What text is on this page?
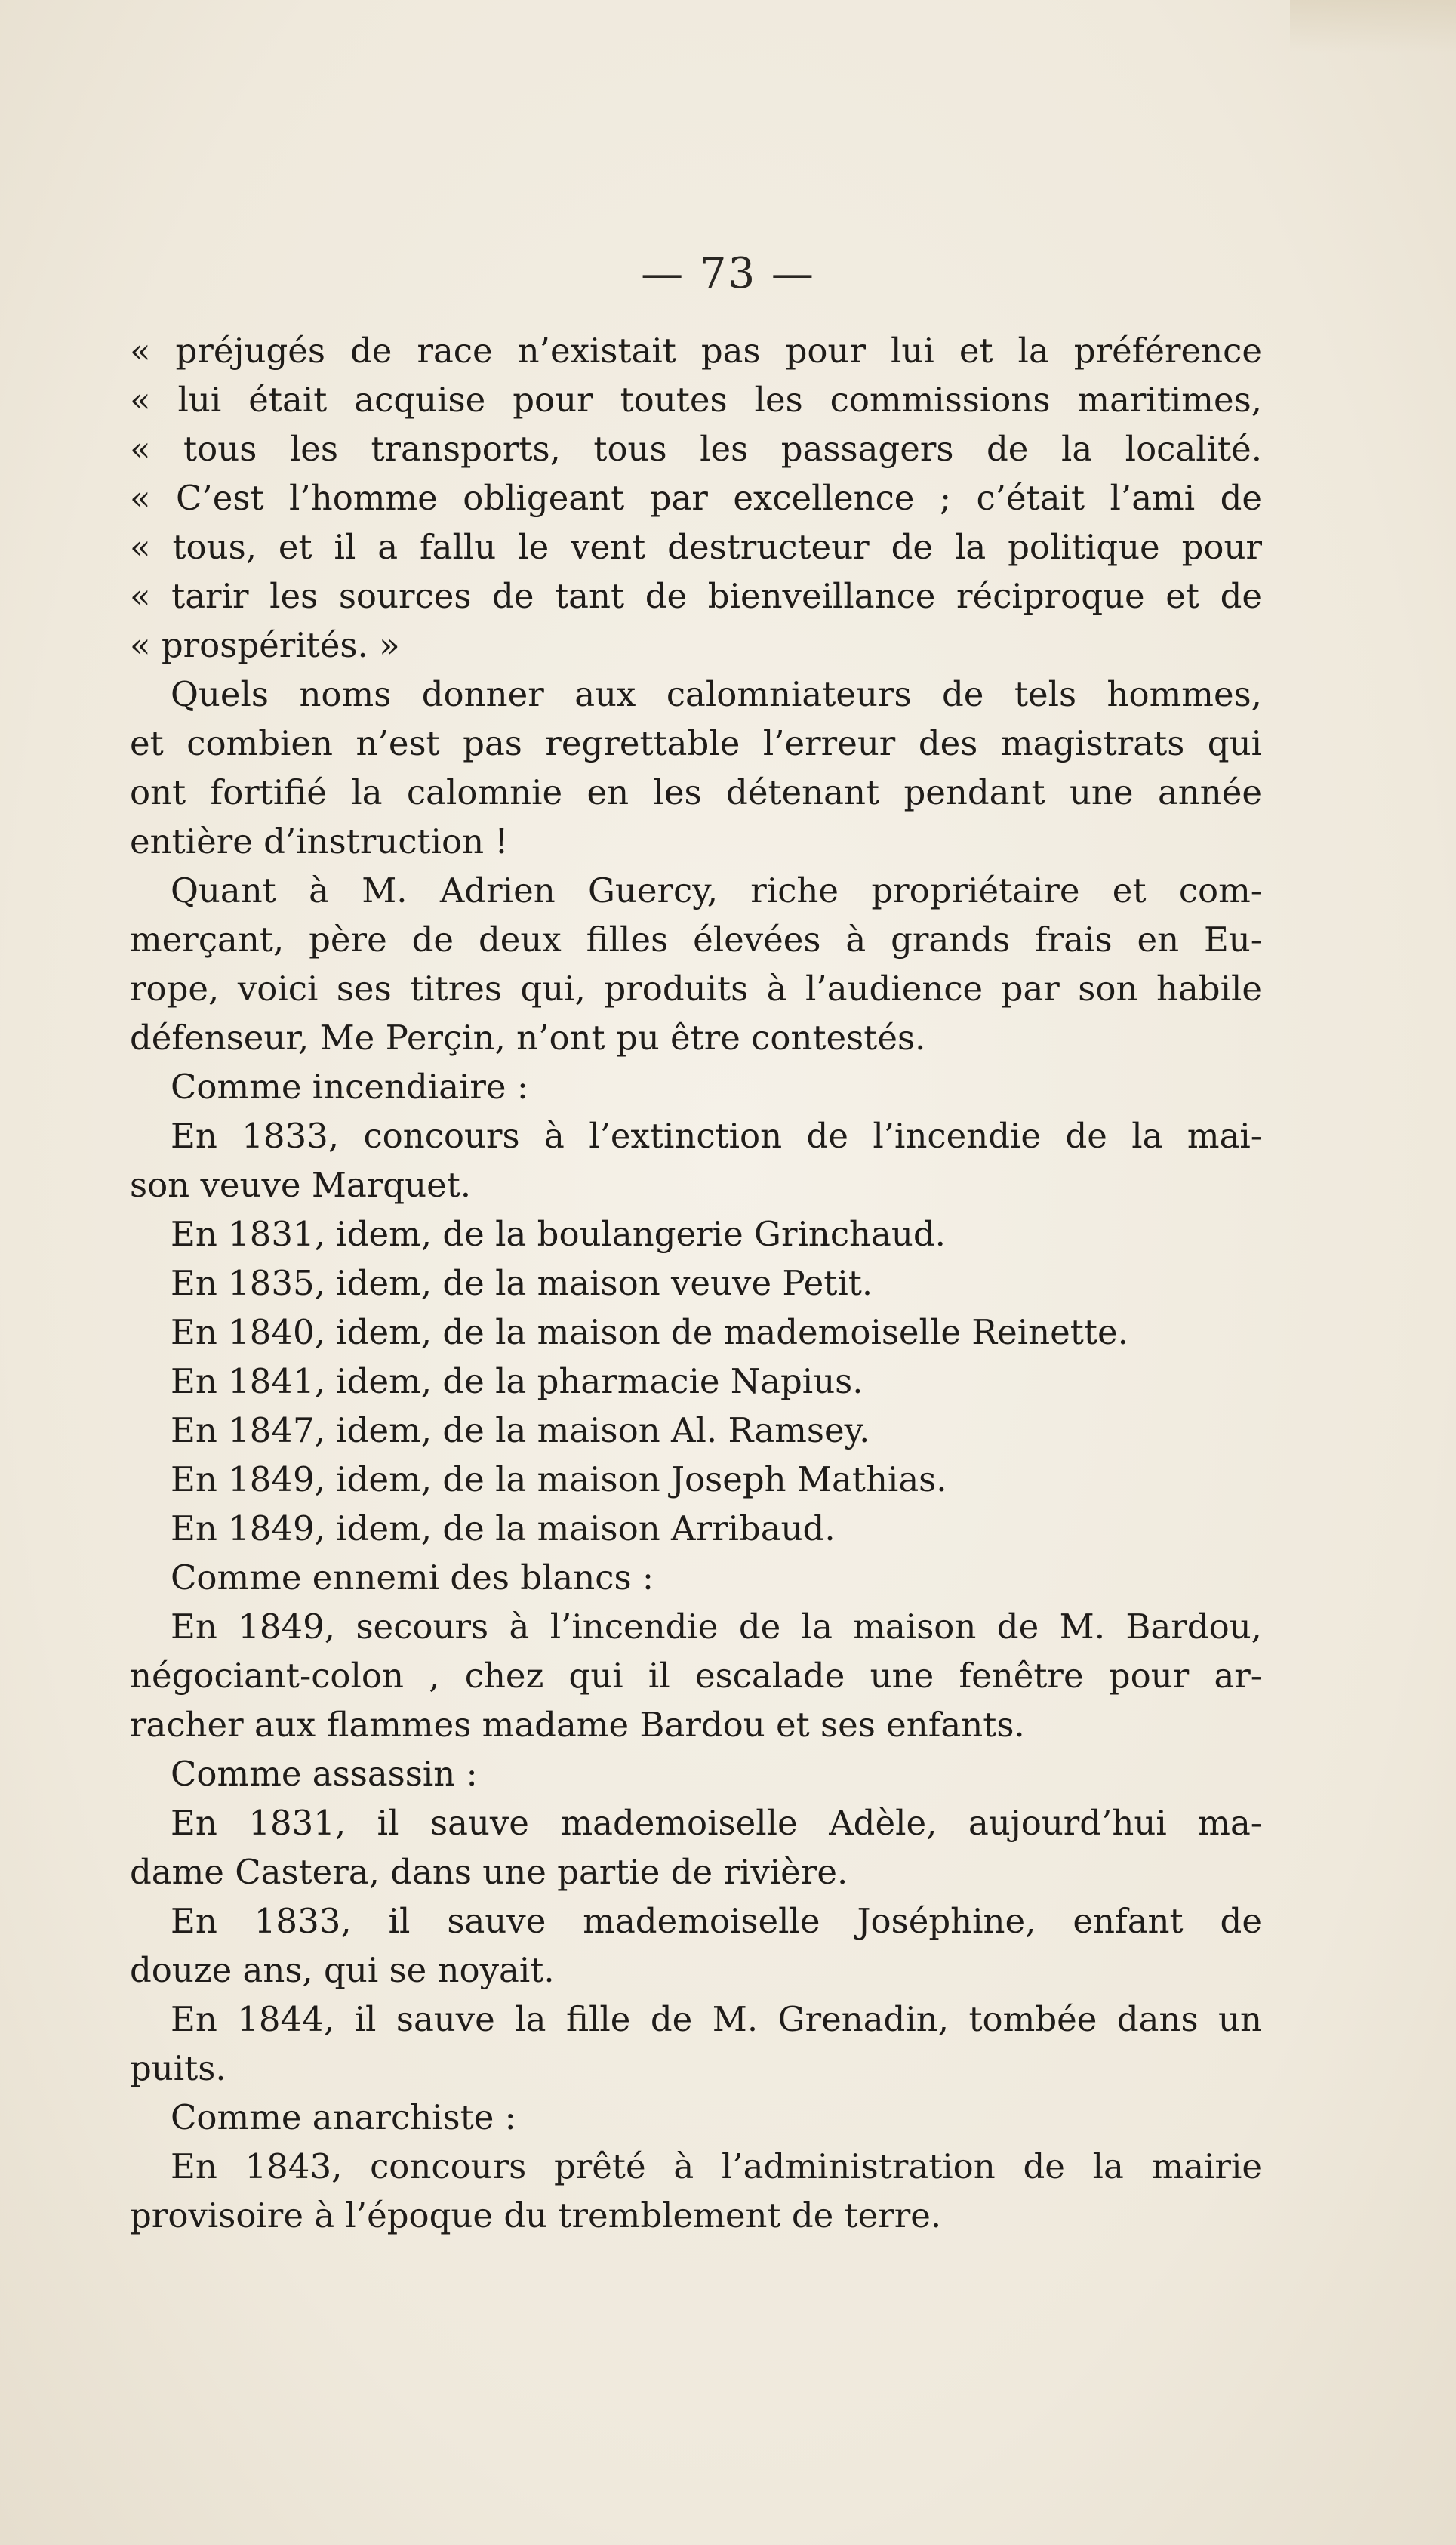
— 73 —
« préjugés de race n’existait pas pour lui et la préférence
« lui était acquise pour toutes les commissions maritimes,
« tous les transports, tous les passagers de la localité.
« C’est l’homme obligeant par excellence ; c’était l’ami de
« tous, et il a fallu le vent destructeur de la politique pour
« tarir les sources de tant de bienveillance réciproque et de
« prospérités. »
Quels noms donner aux calomniateurs de tels hommes,
et combien n’est pas regrettable l’erreur des magistrats qui
ont fortifié la calomnie en les détenant pendant une année
entière d’instruction !
Quant à M. Adrien Guercy, riche propriétaire et com-
merçant, père de deux filles élevées à grands frais en Eu-
rope, voici ses titres qui, produits à l’audience par son habile
défenseur, Me Perçin, n’ont pu être contestés.
Comme incendiaire :
En 1833, concours à l’extinction de l’incendie de la mai-
son veuve Marquet.
En 1831, idem, de la boulangerie Grinchaud.
En 1835, idem, de la maison veuve Petit.
En 1840, idem, de la maison de mademoiselle Reinette.
En 1841, idem, de la pharmacie Napius.
En 1847, idem, de la maison Al. Ramsey.
En 1849, idem, de la maison Joseph Mathias.
En 1849, idem, de la maison Arribaud.
Comme ennemi des blancs :
En 1849, secours à l’incendie de la maison de M. Bardou,
négociant-colon , chez qui il escalade une fenêtre pour ar-
racher aux flammes madame Bardou et ses enfants.
Comme assassin :
En 1831, il sauve mademoiselle Adèle, aujourd’hui ma-
dame Castera, dans une partie de rivière.
En 1833, il sauve mademoiselle Joséphine, enfant de
douze ans, qui se noyait.
En 1844, il sauve la fille de M. Grenadin, tombée dans un
puits.
Comme anarchiste :
En 1843, concours prêté à l’administration de la mairie
provisoire à l’époque du tremblement de terre.
